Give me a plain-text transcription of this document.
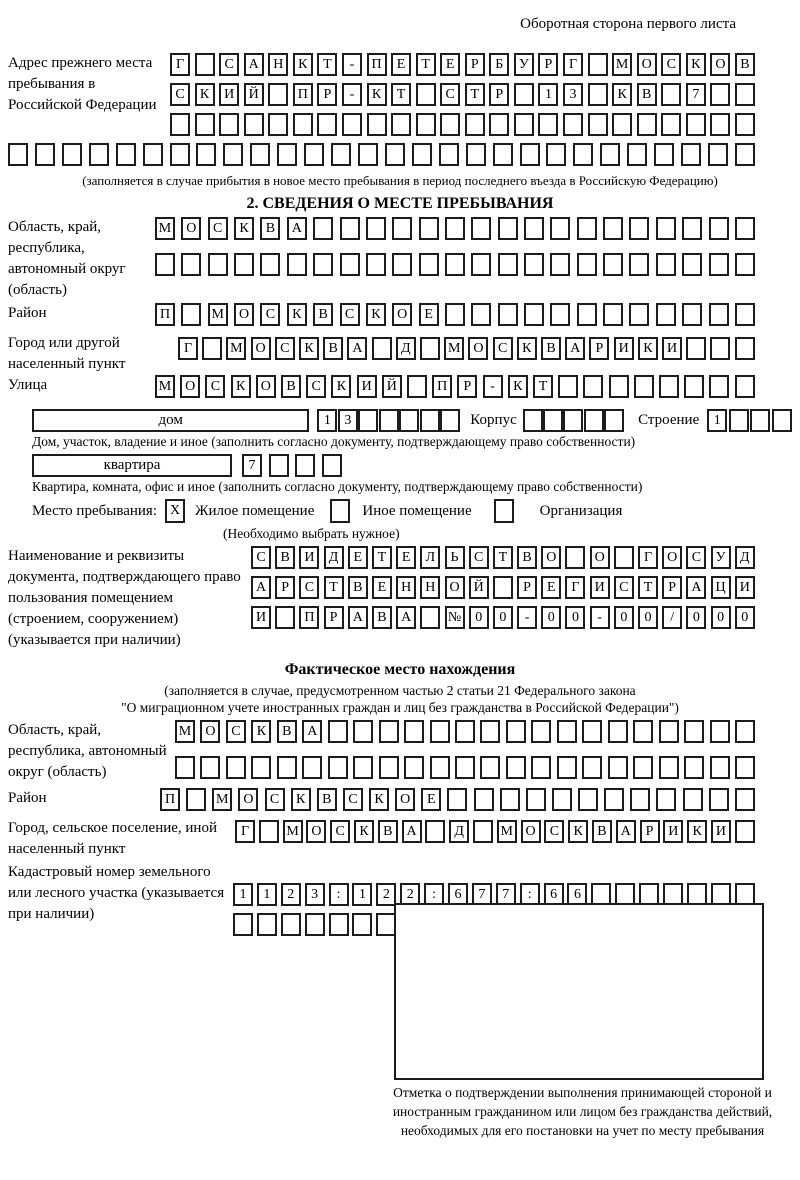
Оборотная сторона первого листа
Адрес прежнего места пребывания в Российской Федерации
Г	С	А	Н	К	Т	-	П	Е	Т	Е	Р	Б	У	Р	Г	М О	С	К	О	В
С	К	И	Й	П	Р	-	К	Т	С	Т	Р	1	3	К	В	7
(заполняется в случае прибытия в новое место пребывания в период последнего въезда в Российскую Федерацию)
2. СВЕДЕНИЯ О МЕСТЕ ПРЕБЫВАНИЯ
Область, край, республика, автономный округ (область)
М	О	С	К	В	А
Район	П	М	О	С	К	В	С	К	О	Е
Город или другой населенный пункт
Г	М О	С	К	В	А	Д	М О	С	К	В	А	Р	И	К	И
Улица	М О	С	К	О	В	С	К	И	Й	П	Р	-	К	Т
дом	1 3	Корпус	Строение	1
Дом, участок, владение и иное (заполнить согласно документу, подтверждающему право собственности)
квартира	7
Квартира, комната, офис и иное (заполнить согласно документу, подтверждающему право собственности)
Место пребывания: X Жилое помещение	Иное помещение	Организация
(Необходимо выбрать нужное)
Наименование и реквизиты документа, подтверждающего право пользования помещением (строением, сооружением) (указывается при наличии)
С	В	И	Д	Е	Т	Е	Л	Ь	С	Т	В	О	О	Г	О	С	У	Д
А	Р	С	Т	В	Е	Н	Н	О	Й	Р	Е	Г	И	С	Т	Р	А	Ц	И
И	П	Р	А	В	А	№	0	0	-	0	0	-	0	0	/	0	0	0
Фактическое место нахождения
(заполняется в случае, предусмотренном частью 2 статьи 21 Федерального закона
"О миграционном учете иностранных граждан и лиц без гражданства в Российской Федерации")
Область, край, республика, автономный округ (область)
М	О	С	К	В	А
Район	П	М	О	С	К	В	С	К	О	Е
Город, сельское поселение, иной населенный пункт
Г	М О	С	К	В	А	Д	М О	С	К	В	А	Р	И	К	И
Кадастровый номер земельного или лесного участка (указывается при наличии)
1	1	2	3	:	1	2	2	:	6	7	7	:	6	6
Отметка о подтверждении выполнения принимающей стороной и иностранным гражданином или лицом без гражданства действий, необходимых для его постановки на учет по месту пребывания
